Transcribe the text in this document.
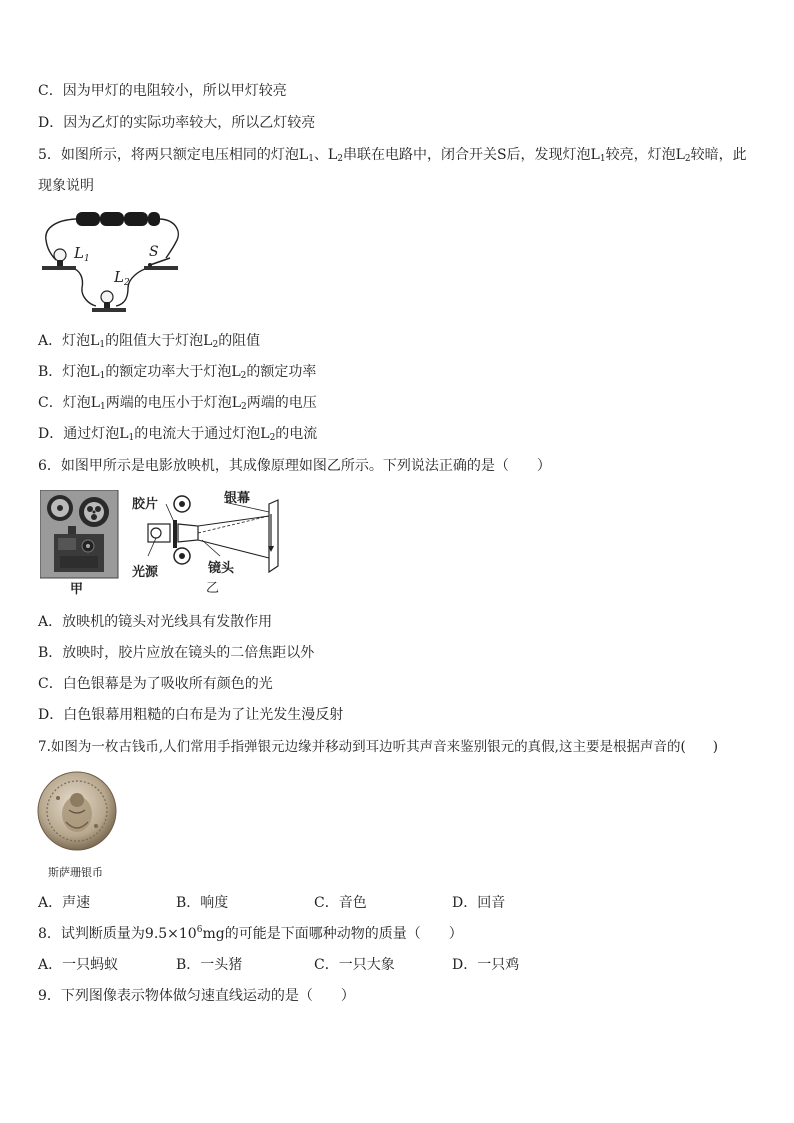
C．因为甲灯的电阻较小，所以甲灯较亮
D．因为乙灯的实际功率较大，所以乙灯较亮
5．如图所示，将两只额定电压相同的灯泡$L_1$、$L_2$串联在电路中，闭合开关S后，发现灯泡$L_1$较亮，灯泡$L_2$较暗，此
现象说明
$L_1$
$L_2$
S
A．灯泡$L_1$的阻值大于灯泡$L_2$的阻值
B．灯泡$L_1$的额定功率大于灯泡$L_2$的额定功率
C．灯泡$L_1$两端的电压小于灯泡$L_2$两端的电压
D．通过灯泡$L_1$的电流大于通过灯泡$L_2$的电流
6．如图甲所示是电影放映机，其成像原理如图乙所示。下列说法正确的是（　　）
甲
胶片	银幕
光源	镜头
乙
A．放映机的镜头对光线具有发散作用
B．放映时，胶片应放在镜头的二倍焦距以外
C．白色银幕是为了吸收所有颜色的光
D．白色银幕用粗糙的白布是为了让光发生漫反射
7.如图为一枚古钱币,人们常用手指弹银元边缘并移动到耳边听其声音来鉴别银元的真假,这主要是根据声音的(　　)
斯萨珊银币
A．声速	B．响度	C．音色	D．回音
8．试判断质量为$9.5\times 10^6mg$的可能是下面哪种动物的质量（　　）
A．一只蚂蚁	B．一头猪	C．一只大象	D．一只鸡
9．下列图像表示物体做匀速直线运动的是（　　）
